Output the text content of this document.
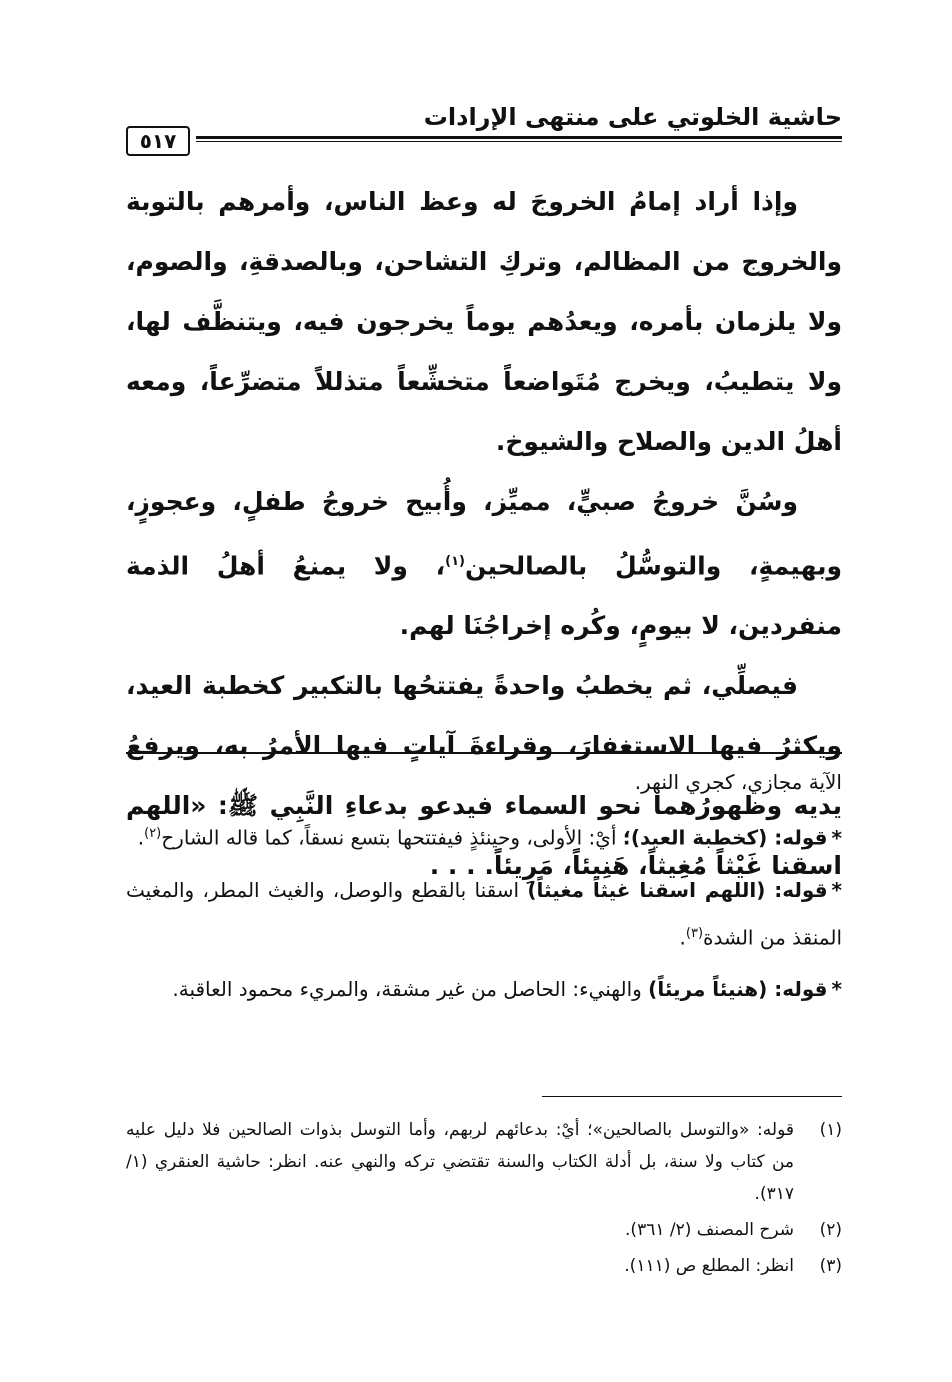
حاشية الخلوتي على منتهى الإرادات
٥١٧

وإذا أراد إمامُ الخروجَ له وعظ الناس، وأمرهم بالتوبة والخروج من المظالم، وتركِ التشاحن، وبالصدقةِ، والصوم، ولا يلزمان بأمره، ويعدُهم يوماً يخرجون فيه، ويتنظَّف لها، ولا يتطيبُ، ويخرج مُتَواضعاً متخشِّعاً متذللاً متضرِّعاً، ومعه أهلُ الدين والصلاح والشيوخ.

وسُنَّ خروجُ صبيٍّ، مميِّز، وأُبيح خروجُ طفلٍ، وعجوزٍ، وبهيمةٍ، والتوسُّلُ بالصالحين$^{(١)}$، ولا يمنعُ أهلُ الذمة منفردين، لا بيومٍ، وكُره إخراجُنَا لهم.

فيصلِّي، ثم يخطبُ واحدةً يفتتحُها بالتكبير كخطبة العيد، ويكثرُ فيها الاستغفارَ، وقراءةَ آياتٍ فيها الأمرُ به، ويرفعُ يديه وظهورُهما نحو السماء فيدعو بدعاءِ النَّبِي ﷺ: «اللهم اسقنا غَيْثاً مُغِيثاً، هَنِيئاً، مَرِيئاً. . . .

الآية مجازي، كجري النهر.

*قوله: (كخطبة العيد)؛ أيْ: الأولى، وحينئذٍ فيفتتحها بتسع نسقاً، كما قاله الشارح$^{(٢)}$.

*قوله: (اللهم اسقنا غيثاً مغيثاً) اسقنا بالقطع والوصل، والغيث المطر، والمغيث المنقذ من الشدة$^{(٣)}$.

*قوله: (هنيئاً مريئاً) والهنيء: الحاصل من غير مشقة، والمريء محمود العاقبة.

(١)
قوله: «والتوسل بالصالحين»؛ أيْ: بدعائهم لربهم، وأما التوسل بذوات الصالحين فلا دليل عليه من كتاب ولا سنة، بل أدلة الكتاب والسنة تقتضي تركه والنهي عنه. انظر: حاشية العنقري (١/ ٣١٧).
(٢)
شرح المصنف (٢/ ٣٦١).
(٣)
انظر: المطلع ص (١١١).
